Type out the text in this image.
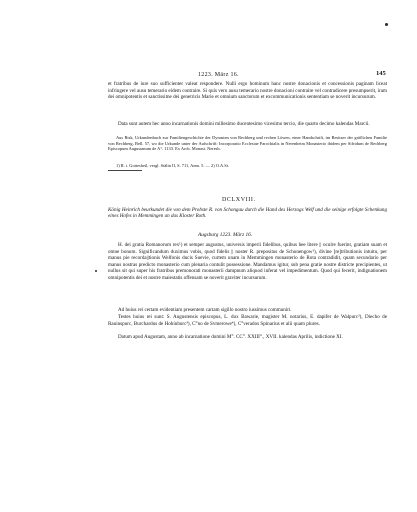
1223. März 16.	145

et fratribus de iure suo sufficienter valeat respondere. Nulli ergo hominum hanc nostre donacionis et concessionis paginam liceat infringere vel ausu temerario eidem contraire. Si quis vero ausu temerario nostre donacioni contraire vel contradicere presumpserit, iram dei omnipotentis et sanctissime dei genetricis Marie et omnium sanctorum et excommunicationis sententiam se noverit incursurum.

Data sunt autem hec anno incarnationis domini millesimo ducentesimo vicesimo tercio, die quarto decimo kalendas Marcii.

Aus Risk, Urkundenbuch zur Familiengeschichte der Dynasten von Rechberg und rechen Löwen, einer Handschrift, im Besitzer der gräflichen Familie von Rechberg, Bell. 57, wo die Urkunde unter der Aufschrift: Incorporatio Ecclesiae Parochialis in Nerenheim Monasterio ibidem per Sifridum de Rechberg Episcopum Augustanum de A°. 1133. Ex Arch. Monast. Neresh.

1) R. i. Gottesheil, vergl. Stälin II, S. 711, Anm. 5. — 2) O.A.St.

DCLXVIII.

König Heinrich beurkundet die von dem Probste R. von Schongau durch die Hand des Herzogs Welf und die seinige erfolgte Schenkung eines Hofes in Memmingen an das Kloster Roth.

Augsburg 1223. März 16.

H. dei gratia Romanorum rex¹) et semper augustus, universis imperii fidelibus, quibus hee litere || oculre fuerint, gratiam suam et omne bonum. Significandum duximus vobis, quod fidelis || noster R. prepositus de Schonengow¹), divine [re]tributionis intuitu, per manus pie recorda||tionis Welfonis ducis Suevie, curtem unam in Memmingen monasterio de Rota contradidit, quam secundario per manus nostras predicto monasterio cum plenaria contulit possessione. Mandamus igitur, sub pena gratie nostre districte precipientes, ut nullus sit qui super his fratribus premonorati monasterii dampnum aliquod inferat vel impedimentum. Quod qui fecerit, indignationem omnipotentis dei et nostre maiestatis offensam se noverit graviter incursurum.

Ad huius rei certam evidentiam presentem cartam sigillo nostro iussimus communiri.

Testes huius rei sunt: S. Augustensis episcopus, L. dux Bawarie, magister M. notarius, E. dapifer de Walpurc²), Diecho de Rauinspurc, Burchardus de Hohinburc³), C°no de Svmerowe⁴), C°verados Spinarius et alii quam plures.

Datum apud Augustam, anno ab incarnatione domini M°. CC°. XXIII°., XVII. kalendas Aprilis, indictione XI.
